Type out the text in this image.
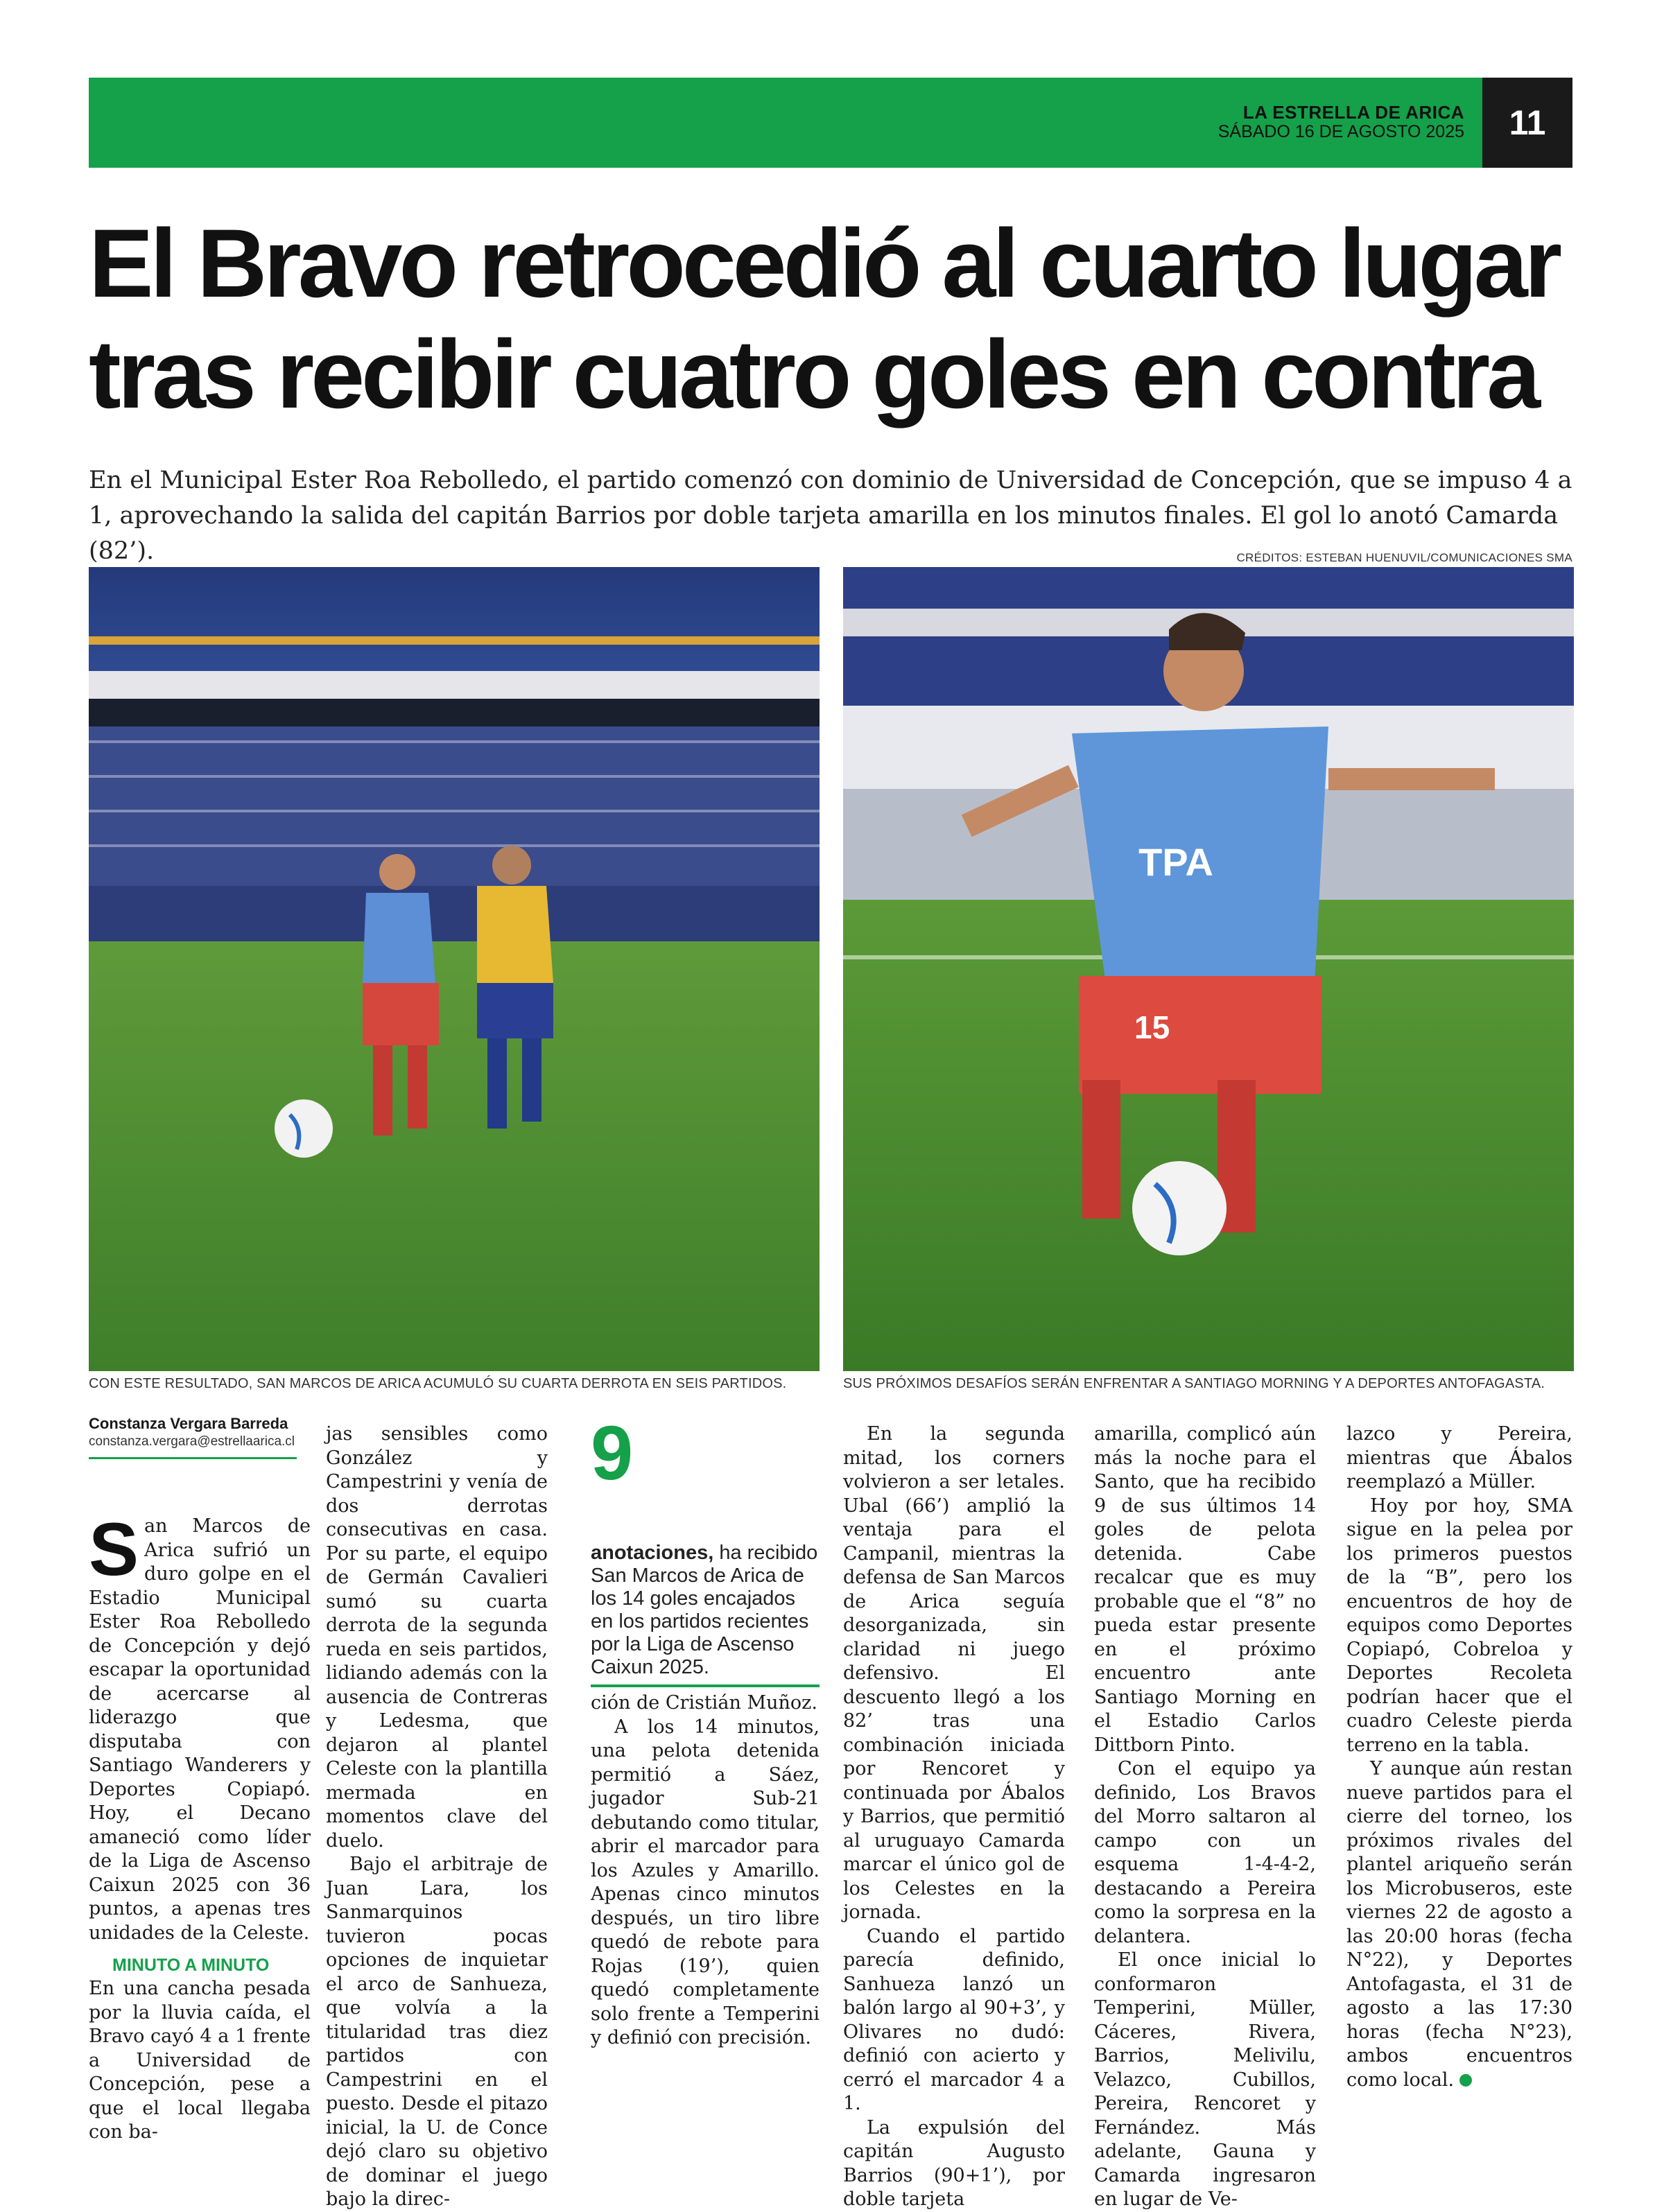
LA ESTRELLA DE ARICA
SÁBADO 16 DE AGOSTO 2025	11
El Bravo retrocedió al cuarto lugar
tras recibir cuatro goles en contra
En el Municipal Ester Roa Rebolledo, el partido comenzó con dominio de Universidad de Concepción, que se impuso 4 a 1, aprovechando la salida del capitán Barrios por doble tarjeta amarilla en los minutos finales. El gol lo anotó Camarda (82’).	CRÉDITOS: ESTEBAN HUENUVIL/COMUNICACIONES SMA
CON ESTE RESULTADO, SAN MARCOS DE ARICA ACUMULÓ SU CUARTA DERROTA EN SEIS PARTIDOS.
TPA
15
SUS PRÓXIMOS DESAFÍOS SERÁN ENFRENTAR A SANTIAGO MORNING Y A DEPORTES ANTOFAGASTA.
Constanza Vergara Barreda
constanza.vergara@estrellaarica.cl

San Marcos de Arica sufrió un duro golpe en el Estadio Municipal Ester Roa Rebolledo de Concepción y dejó escapar la oportunidad de acercarse al liderazgo que disputaba con Santiago Wanderers y Deportes Copiapó. Hoy, el Decano amaneció como líder de la Liga de Ascenso Caixun 2025 con 36 puntos, a apenas tres unidades de la Celeste.

MINUTO A MINUTO

En una cancha pesada por la lluvia caída, el Bravo cayó 4 a 1 frente a Universidad de Concepción, pese a que el local llegaba con ba-

jas sensibles como González y Campestrini y venía de dos derrotas consecutivas en casa. Por su parte, el equipo de Germán Cavalieri sumó su cuarta derrota de la segunda rueda en seis partidos, lidiando además con la ausencia de Contreras y Ledesma, que dejaron al plantel Celeste con la plantilla mermada en momentos clave del duelo.

Bajo el arbitraje de Juan Lara, los Sanmarquinos tuvieron pocas opciones de inquietar el arco de Sanhueza, que volvía a la titularidad tras diez partidos con Campestrini en el puesto. Desde el pitazo inicial, la U. de Conce dejó claro su objetivo de dominar el juego bajo la direc-

9
anotaciones, ha recibido San Marcos de Arica de los 14 goles encajados en los partidos recientes por la Liga de Ascenso Caixun 2025.

ción de Cristián Muñoz.

A los 14 minutos, una pelota detenida permitió a Sáez, jugador Sub-21 debutando como titular, abrir el marcador para los Azules y Amarillo. Apenas cinco minutos después, un tiro libre quedó de rebote para Rojas (19’), quien quedó completamente solo frente a Temperini y definió con precisión.

En la segunda mitad, los corners volvieron a ser letales. Ubal (66’) amplió la ventaja para el Campanil, mientras la defensa de San Marcos de Arica seguía desorganizada, sin claridad ni juego defensivo. El descuento llegó a los 82’ tras una combinación iniciada por Rencoret y continuada por Ábalos y Barrios, que permitió al uruguayo Camarda marcar el único gol de los Celestes en la jornada.

Cuando el partido parecía definido, Sanhueza lanzó un balón largo al 90+3’, y Olivares no dudó: definió con acierto y cerró el marcador 4 a 1.

La expulsión del capitán Augusto Barrios (90+1’), por doble tarjeta

amarilla, complicó aún más la noche para el Santo, que ha recibido 9 de sus últimos 14 goles de pelota detenida. Cabe recalcar que es muy probable que el “8” no pueda estar presente en el próximo encuentro ante Santiago Morning en el Estadio Carlos Dittborn Pinto.

Con el equipo ya definido, Los Bravos del Morro saltaron al campo con un esquema 1-4-4-2, destacando a Pereira como la sorpresa en la delantera.

El once inicial lo conformaron Temperini, Müller, Cáceres, Rivera, Barrios, Melivilu, Velazco, Cubillos, Pereira, Rencoret y Fernández. Más adelante, Gauna y Camarda ingresaron en lugar de Ve-

lazco y Pereira, mientras que Ábalos reemplazó a Müller.

Hoy por hoy, SMA sigue en la pelea por los primeros puestos de la “B”, pero los encuentros de hoy de equipos como Deportes Copiapó, Cobreloa y Deportes Recoleta podrían hacer que el cuadro Celeste pierda terreno en la tabla.

Y aunque aún restan nueve partidos para el cierre del torneo, los próximos rivales del plantel ariqueño serán los Microbuseros, este viernes 22 de agosto a las 20:00 horas (fecha N°22), y Deportes Antofagasta, el 31 de agosto a las 17:30 horas (fecha N°23), ambos encuentros como local.
